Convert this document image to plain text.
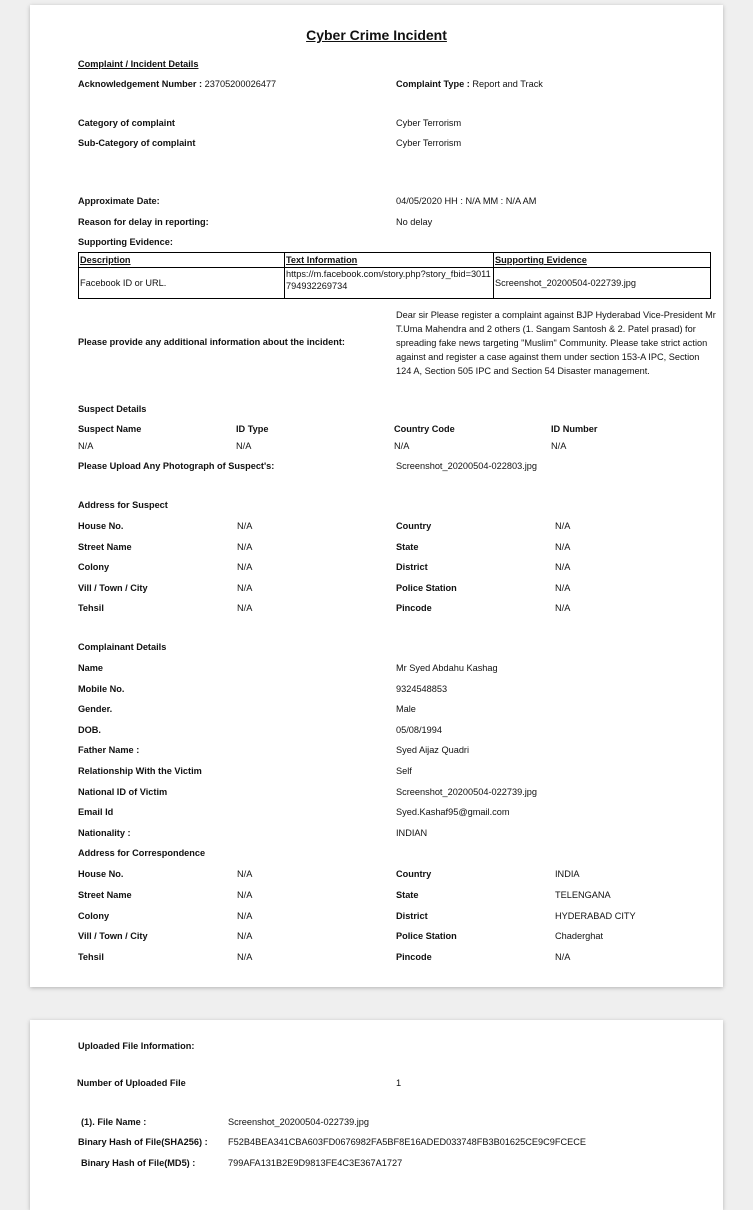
Cyber Crime Incident
Complaint / Incident Details
Acknowledgement Number : 23705200026477	Complaint Type : Report and Track
Category of complaint	Cyber Terrorism
Sub-Category of complaint	Cyber Terrorism
Approximate Date:	04/05/2020 HH : N/A MM : N/A AM
Reason for delay in reporting:	No delay
Supporting Evidence:
Description	Text Information	Supporting Evidence
Facebook ID or URL.	https://m.facebook.com/story.php?story_fbid=3011794932269734	Screenshot_20200504-022739.jpg
Please provide any additional information about the incident:
Dear sir Please register a complaint against BJP Hyderabad Vice-President Mr T.Uma Mahendra and 2 others (1. Sangam Santosh & 2. Patel prasad) for spreading fake news targeting "Muslim" Community. Please take strict action against and register a case against them under section 153-A IPC, Section 124 A, Section 505 IPC and Section 54 Disaster management.
Suspect Details
Suspect Name	ID Type	Country Code	ID Number
N/A	N/A	N/A	N/A
Please Upload Any Photograph of Suspect's:	Screenshot_20200504-022803.jpg
Address for Suspect
House No.	N/A	Country	N/A
Street Name	N/A	State	N/A
Colony	N/A	District	N/A
Vill / Town / City	N/A	Police Station	N/A
Tehsil	N/A	Pincode	N/A
Complainant Details
Name	Mr Syed Abdahu Kashag
Mobile No.	9324548853
Gender.	Male
DOB.	05/08/1994
Father Name :	Syed Aijaz Quadri
Relationship With the Victim	Self
National ID of Victim	Screenshot_20200504-022739.jpg
Email Id	Syed.Kashaf95@gmail.com
Nationality :	INDIAN
Address for Correspondence
House No.	N/A	Country	INDIA
Street Name	N/A	State	TELENGANA
Colony	N/A	District	HYDERABAD CITY
Vill / Town / City	N/A	Police Station	Chaderghat
Tehsil	N/A	Pincode	N/A
Uploaded File Information:
Number of Uploaded File	1
(1). File Name :	Screenshot_20200504-022739.jpg
Binary Hash of File(SHA256) : F52B4BEA341CBA603FD0676982FA5BF8E16ADED033748FB3B01625CE9C9FCECE
Binary Hash of File(MD5) :	799AFA131B2E9D9813FE4C3E367A1727
